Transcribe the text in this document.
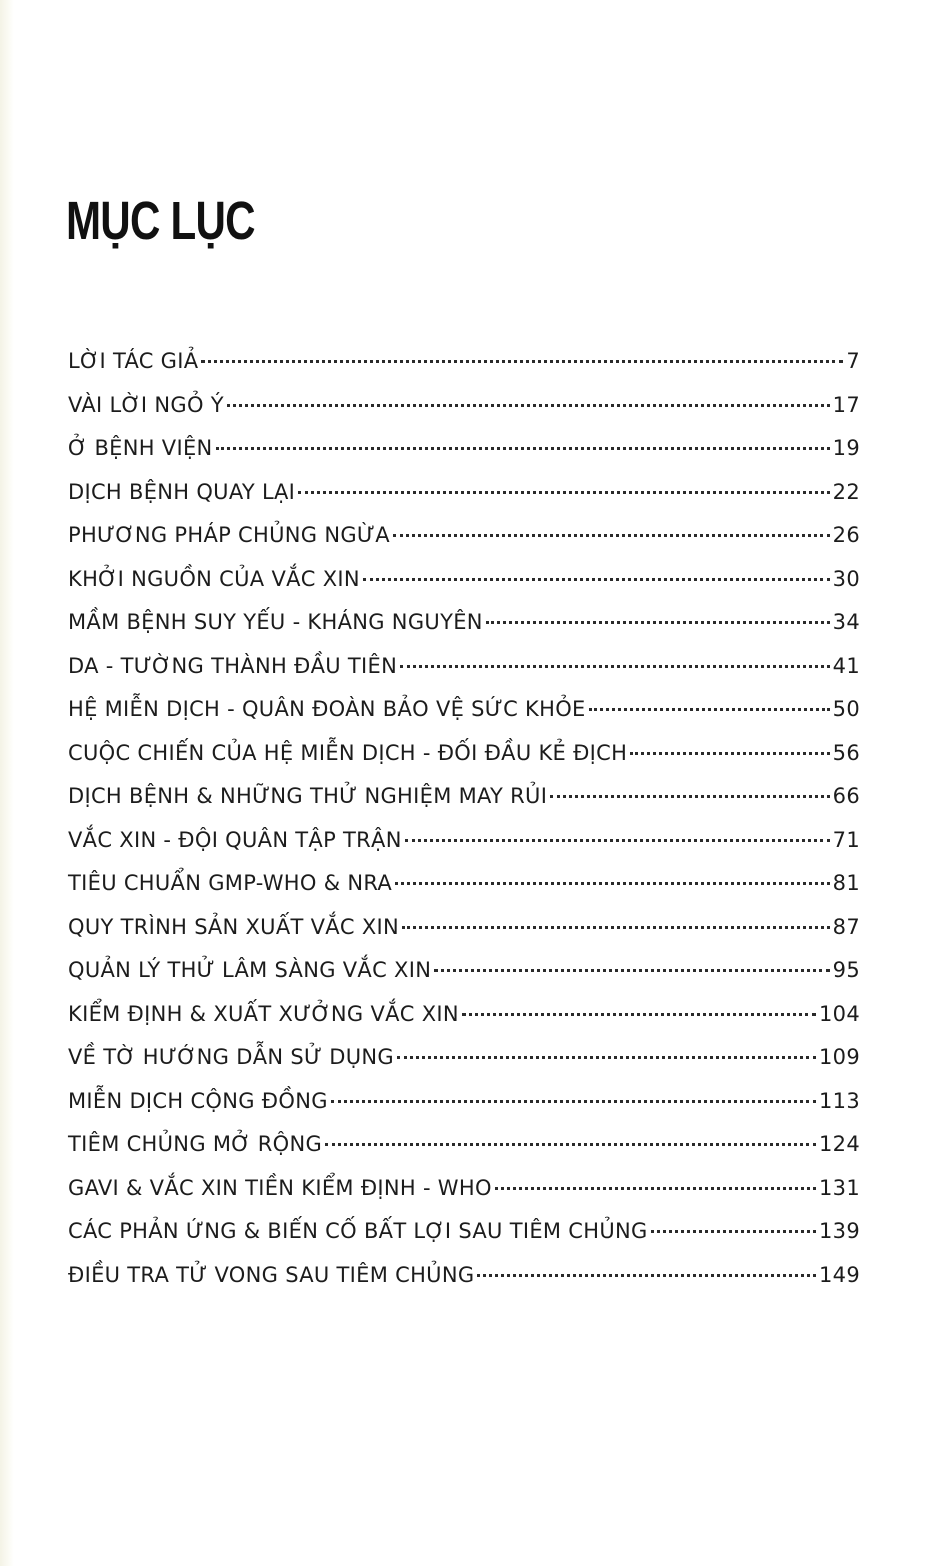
MỤC LỤC
LỜI TÁC GIẢ	7
VÀI LỜI NGỎ Ý	17
Ở BỆNH VIỆN	19
DỊCH BỆNH QUAY LẠI	22
PHƯƠNG PHÁP CHỦNG NGỪA	26
KHỞI NGUỒN CỦA VẮC XIN	30
MẦM BỆNH SUY YẾU - KHÁNG NGUYÊN	34
DA - TƯỜNG THÀNH ĐẦU TIÊN	41
HỆ MIỄN DỊCH - QUÂN ĐOÀN BẢO VỆ SỨC KHỎE	50
CUỘC CHIẾN CỦA HỆ MIỄN DỊCH - ĐỐI ĐẦU KẺ ĐỊCH	56
DỊCH BỆNH & NHỮNG THỬ NGHIỆM MAY RỦI	66
VẮC XIN - ĐỘI QUÂN TẬP TRẬN	71
TIÊU CHUẨN GMP-WHO & NRA	81
QUY TRÌNH SẢN XUẤT VẮC XIN	87
QUẢN LÝ THỬ LÂM SÀNG VẮC XIN	95
KIỂM ĐỊNH & XUẤT XƯỞNG VẮC XIN	104
VỀ TỜ HƯỚNG DẪN SỬ DỤNG	109
MIỄN DỊCH CỘNG ĐỒNG	113
TIÊM CHỦNG MỞ RỘNG	124
GAVI & VẮC XIN TIỀN KIỂM ĐỊNH - WHO	131
CÁC PHẢN ỨNG & BIẾN CỐ BẤT LỢI SAU TIÊM CHỦNG	139
ĐIỀU TRA TỬ VONG SAU TIÊM CHỦNG	149
